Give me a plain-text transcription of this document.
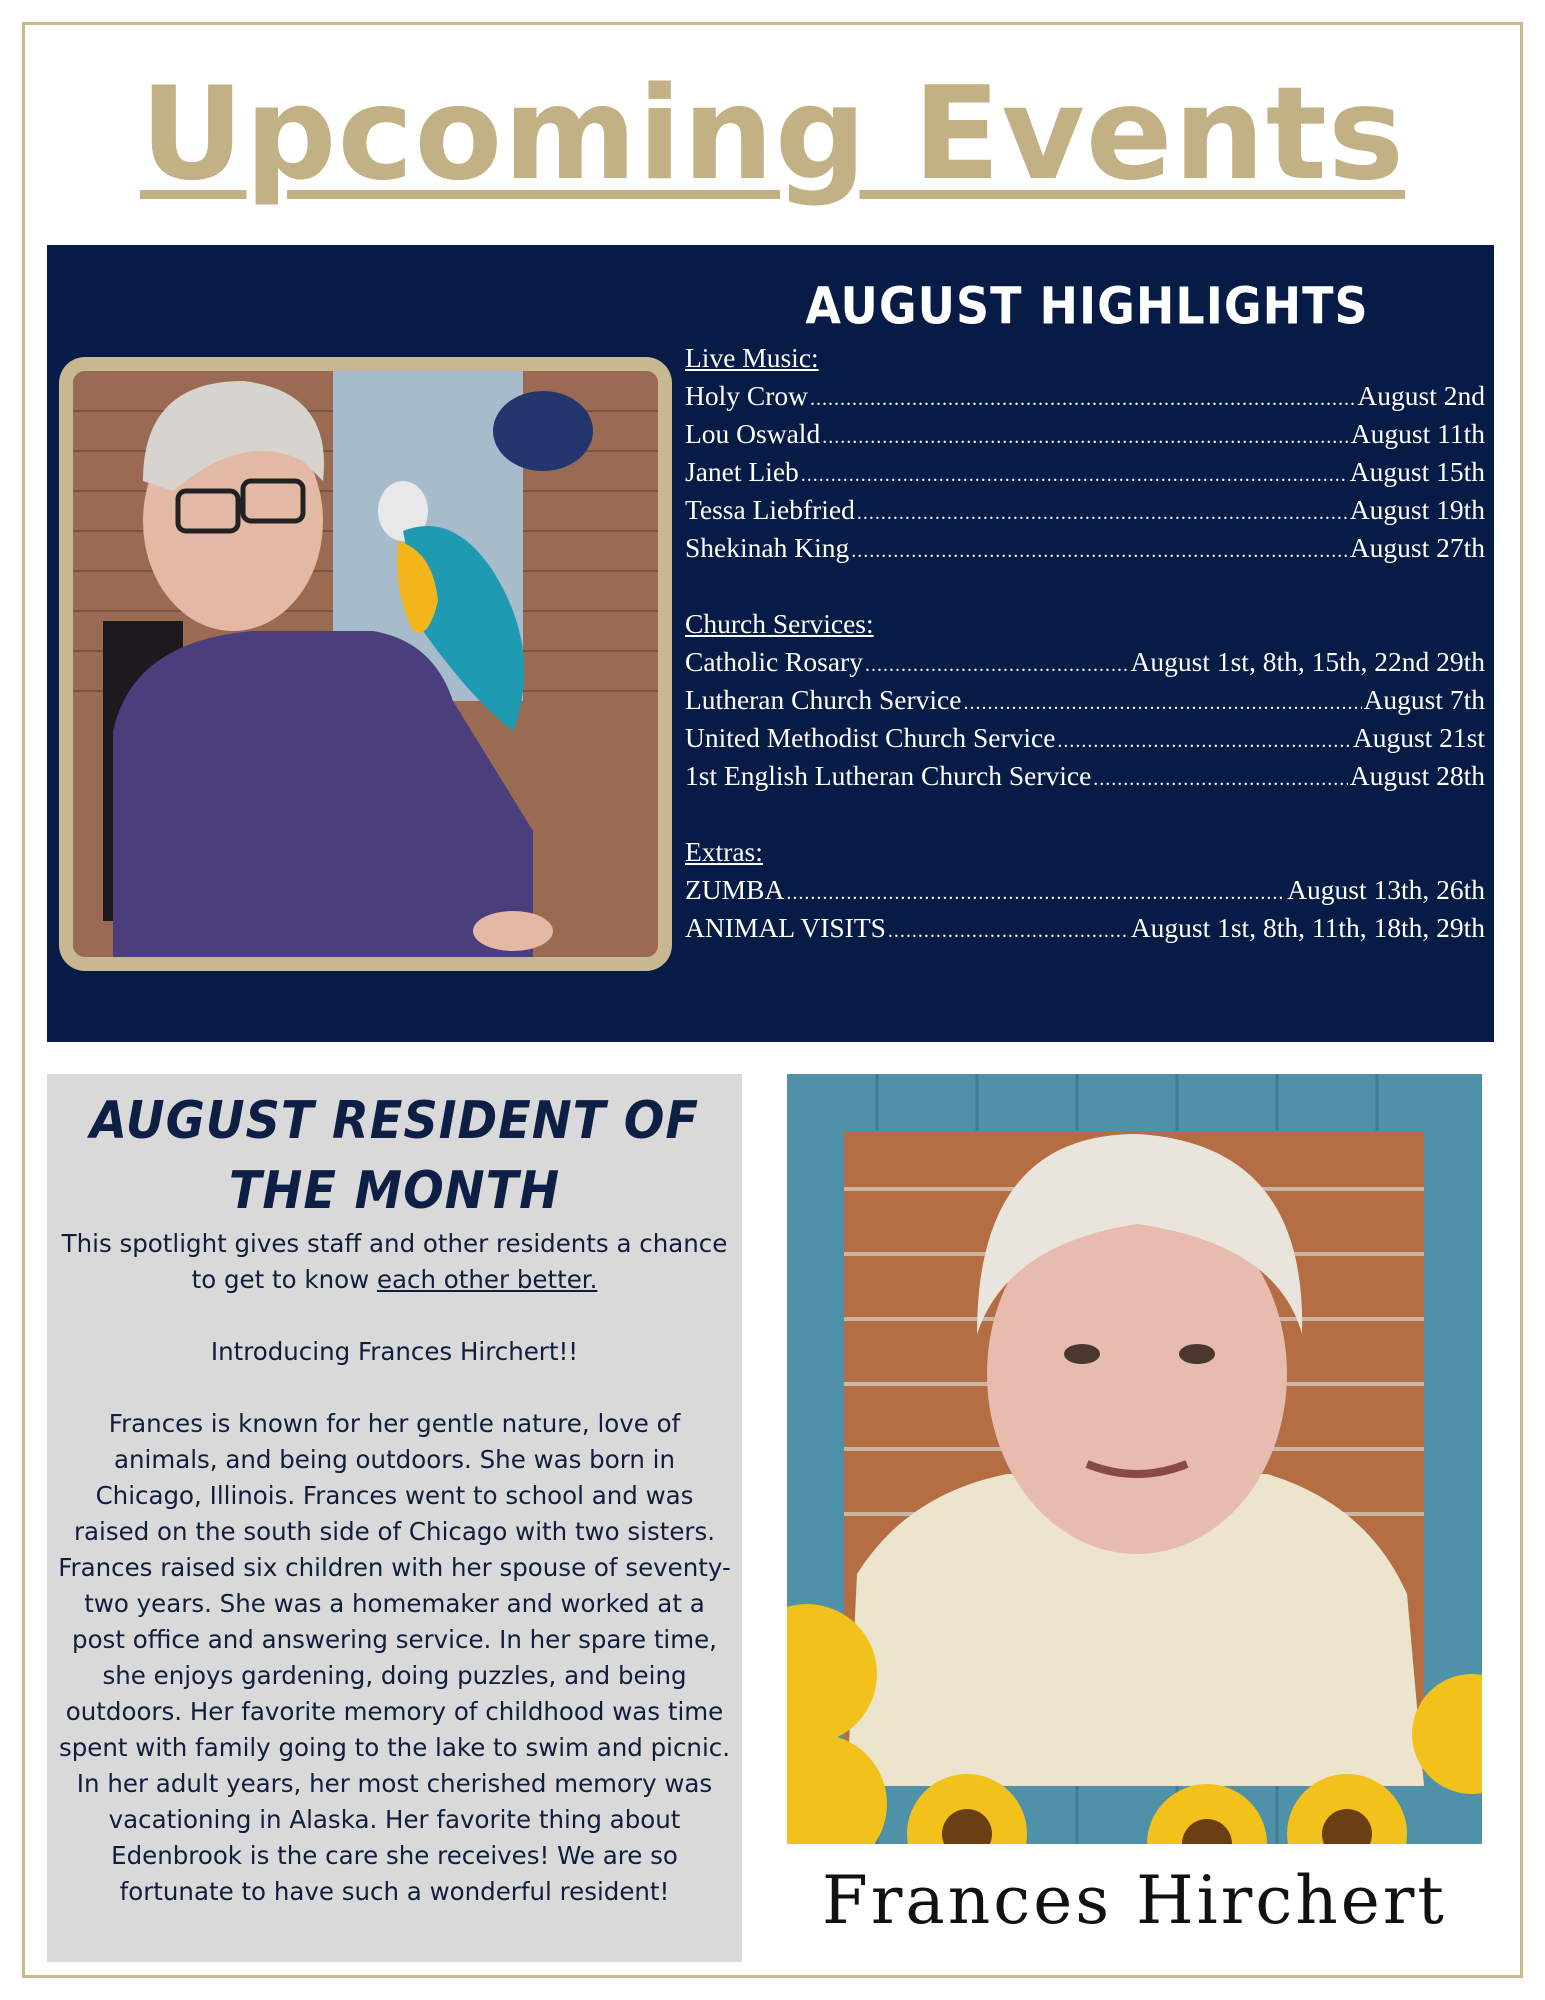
Upcoming Events
AUGUST HIGHLIGHTS
Live Music:
Holy Crow .....	August 2nd
Lou Oswald .....	August 11th
Janet Lieb .....	August 15th
Tessa Liebfried .....	August 19th
Shekinah King .....	August 27th
Church Services:
Catholic Rosary .....	August 1st, 8th, 15th, 22nd 29th
Lutheran Church Service .....	August 7th
United Methodist Church Service .....	August 21st
1st English Lutheran Church Service .....	August 28th
Extras:
ZUMBA .....	August 13th, 26th
ANIMAL VISITS .....	August 1st, 8th, 11th, 18th, 29th
AUGUST RESIDENT OF
THE MONTH

This spotlight gives staff and other residents a chance to get to know each other better.

Introducing Frances Hirchert!!

Frances is known for her gentle nature, love of animals, and being outdoors. She was born in Chicago, Illinois. Frances went to school and was raised on the south side of Chicago with two sisters. Frances raised six children with her spouse of seventy-two years. She was a homemaker and worked at a post office and answering service. In her spare time, she enjoys gardening, doing puzzles, and being outdoors. Her favorite memory of childhood was time spent with family going to the lake to swim and picnic. In her adult years, her most cherished memory was vacationing in Alaska. Her favorite thing about Edenbrook is the care she receives! We are so fortunate to have such a wonderful resident!	Frances Hirchert
